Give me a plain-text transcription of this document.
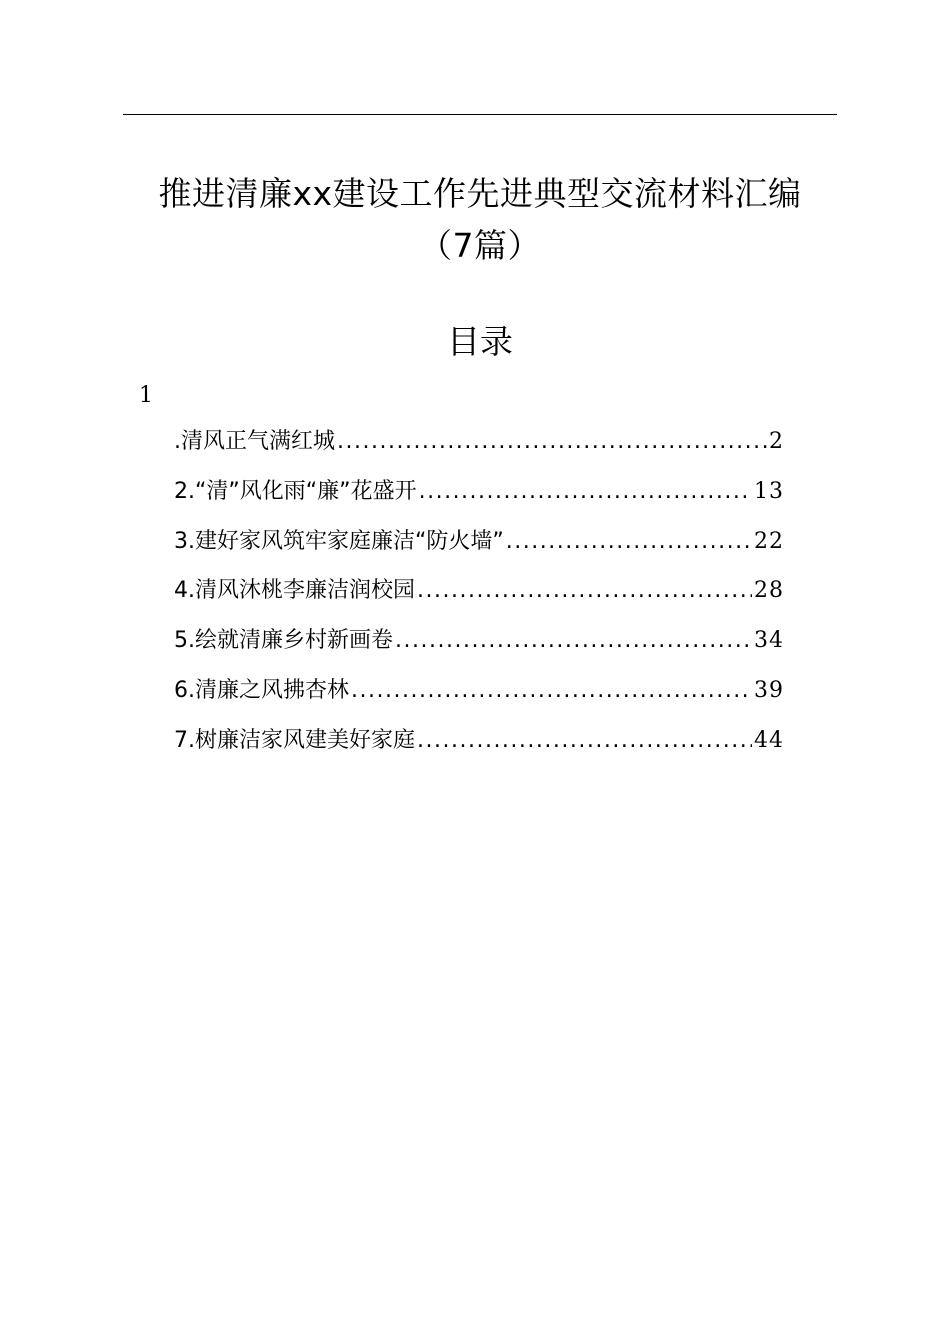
推进清廉xx建设工作先进典型交流材料汇编
（7篇）
目录
1
.清风正气满红城 .....	2
2.“清”风化雨“廉”花盛开 .....	13
3.建好家风筑牢家庭廉洁“防火墙” .....	22
4.清风沐桃李廉洁润校园 .....	28
5.绘就清廉乡村新画卷 .....	34
6.清廉之风拂杏林 .....	39
7.树廉洁家风建美好家庭 .....	44
